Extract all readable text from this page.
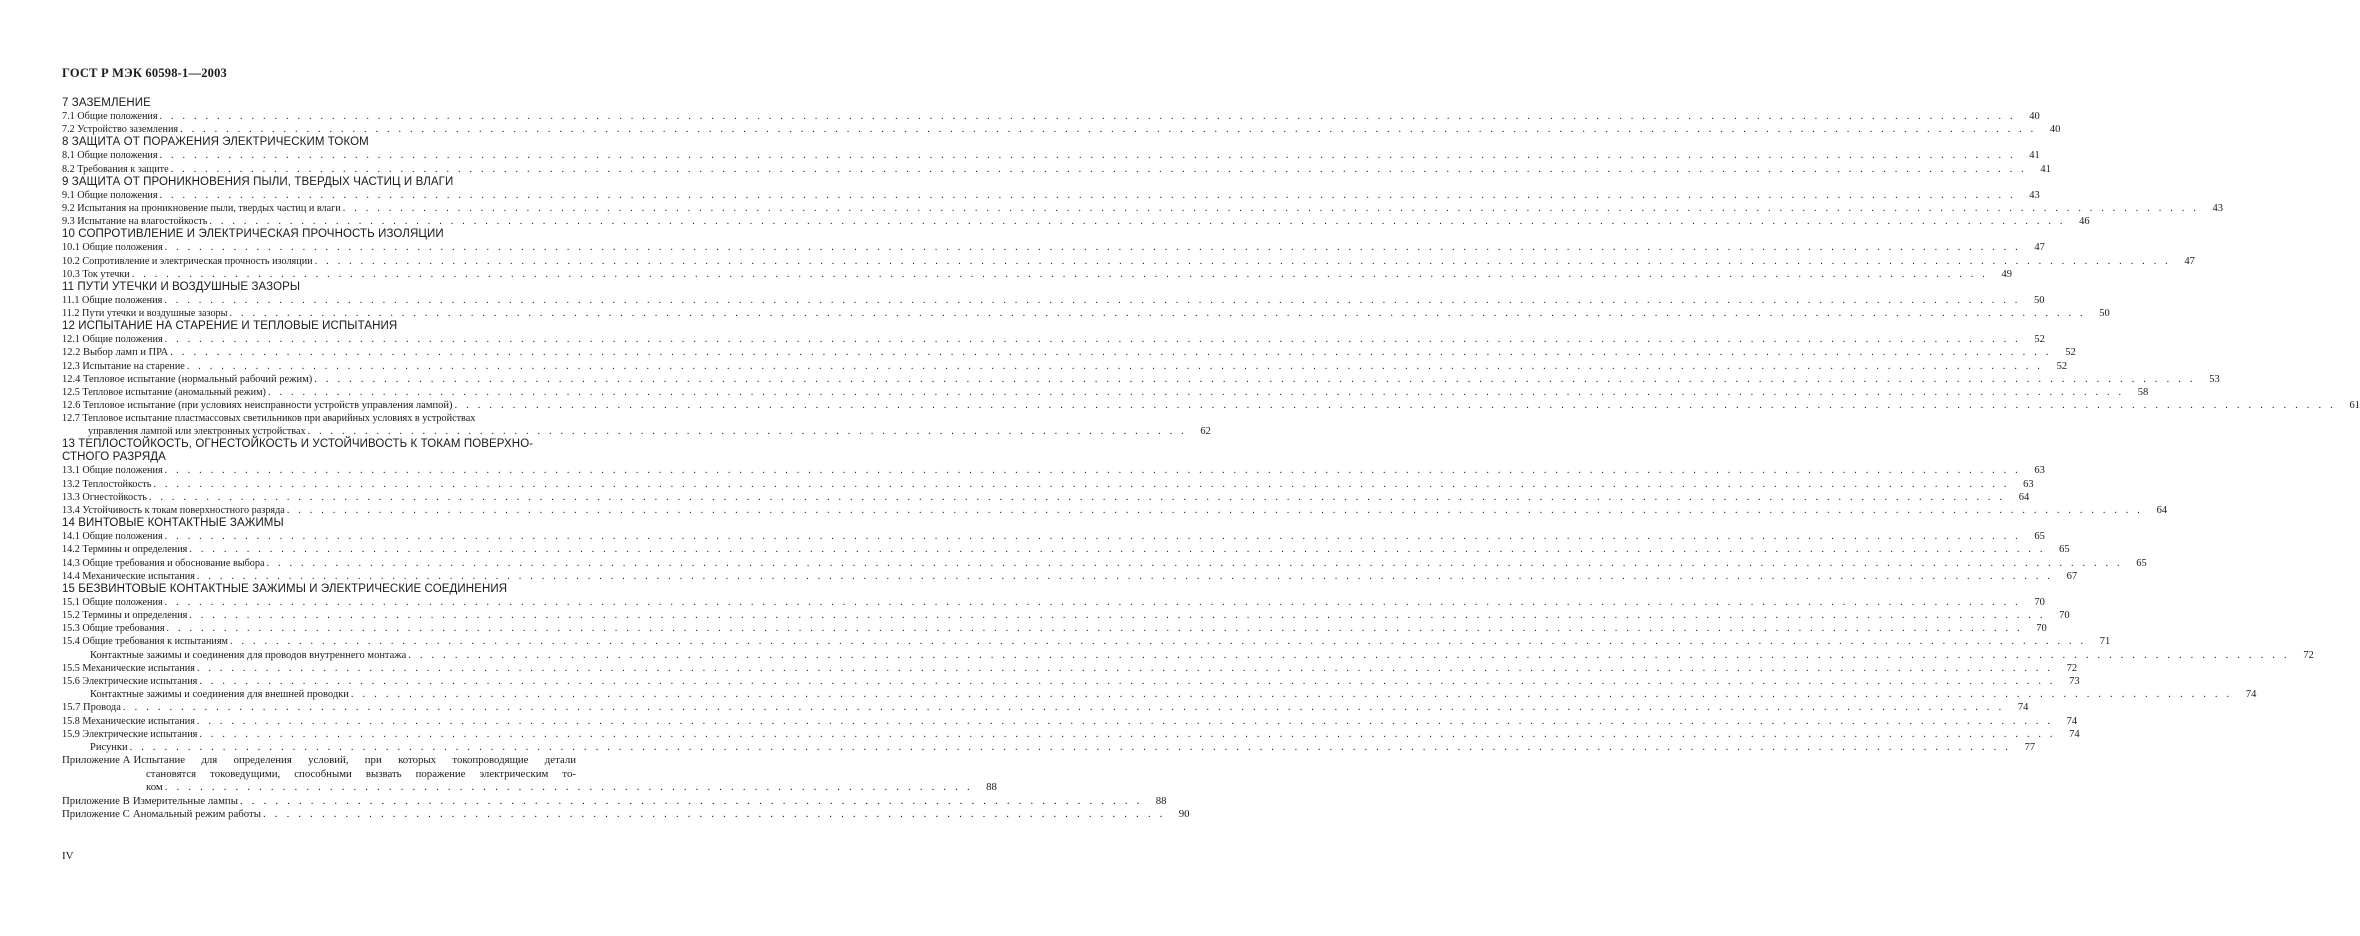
ГОСТ Р МЭК 60598-1—2003
7 ЗАЗЕМЛЕНИЕ
7.1 Общие положения . . .	40
7.2 Устройство заземления . . .	40
8 ЗАЩИТА ОТ ПОРАЖЕНИЯ ЭЛЕКТРИЧЕСКИМ ТОКОМ
8.1 Общие положения . . .	41
8.2 Требования к защите . . .	41
9 ЗАЩИТА ОТ ПРОНИКНОВЕНИЯ ПЫЛИ, ТВЕРДЫХ ЧАСТИЦ И ВЛАГИ
9.1 Общие положения . . .	43
9.2 Испытания на проникновение пыли, твердых частиц и влаги . . .	43
9.3 Испытание на влагостойкость . . .	46
10 СОПРОТИВЛЕНИЕ И ЭЛЕКТРИЧЕСКАЯ ПРОЧНОСТЬ ИЗОЛЯЦИИ
10.1 Общие положения . . .	47
10.2 Сопротивление и электрическая прочность изоляции . . .	47
10.3 Ток утечки . . .	49
11 ПУТИ УТЕЧКИ И ВОЗДУШНЫЕ ЗАЗОРЫ
11.1 Общие положения . . .	50
11.2 Пути утечки и воздушные зазоры . . .	50
12 ИСПЫТАНИЕ НА СТАРЕНИЕ И ТЕПЛОВЫЕ ИСПЫТАНИЯ
12.1 Общие положения . . .	52
12.2 Выбор ламп и ПРА . . .	52
12.3 Испытание на старение . . .	52
12.4 Тепловое испытание (нормальный рабочий режим) . . .	53
12.5 Тепловое испытание (аномальный режим) . . .	58
12.6 Тепловое испытание (при условиях неисправности устройств управления лампой) . . .	61
12.7 Тепловое испытание пластмассовых светильников при аварийных условиях в устройствах
управления лампой или электронных устройствах . . .	62
13 ТЕПЛОСТОЙКОСТЬ, ОГНЕСТОЙКОСТЬ И УСТОЙЧИВОСТЬ К ТОКАМ ПОВЕРХНО-СТНОГО РАЗРЯДА
13.1 Общие положения . . .	63
13.2 Теплостойкость . . .	63
13.3 Огнестойкость . . .	64
13.4 Устойчивость к токам поверхностного разряда . . .	64
14 ВИНТОВЫЕ КОНТАКТНЫЕ ЗАЖИМЫ
14.1 Общие положения . . .	65
14.2 Термины и определения . . .	65
14.3 Общие требования и обоснование выбора . . .	65
14.4 Механические испытания . . .	67
15 БЕЗВИНТОВЫЕ КОНТАКТНЫЕ ЗАЖИМЫ И ЭЛЕКТРИЧЕСКИЕ СОЕДИНЕНИЯ
15.1 Общие положения . . .	70
15.2 Термины и определения . . .	70
15.3 Общие требования . . .	70
15.4 Общие требования к испытаниям . . .	71
Контактные зажимы и соединения для проводов внутреннего монтажа . . .	72
15.5 Механические испытания . . .	72
15.6 Электрические испытания . . .	73
Контактные зажимы и соединения для внешней проводки . . .	74
15.7 Провода . . .	74
15.8 Механические испытания . . .	74
15.9 Электрические испытания . . .	74
Рисунки . . .	77
Приложение А Испытание для определения условий, при которых токопроводящие детали
становятся токоведущими, способными вызвать поражение электрическим то-
ком . . .	88
Приложение В Измерительные лампы . . .	88
Приложение С Аномальный режим работы . . .	90
IV
